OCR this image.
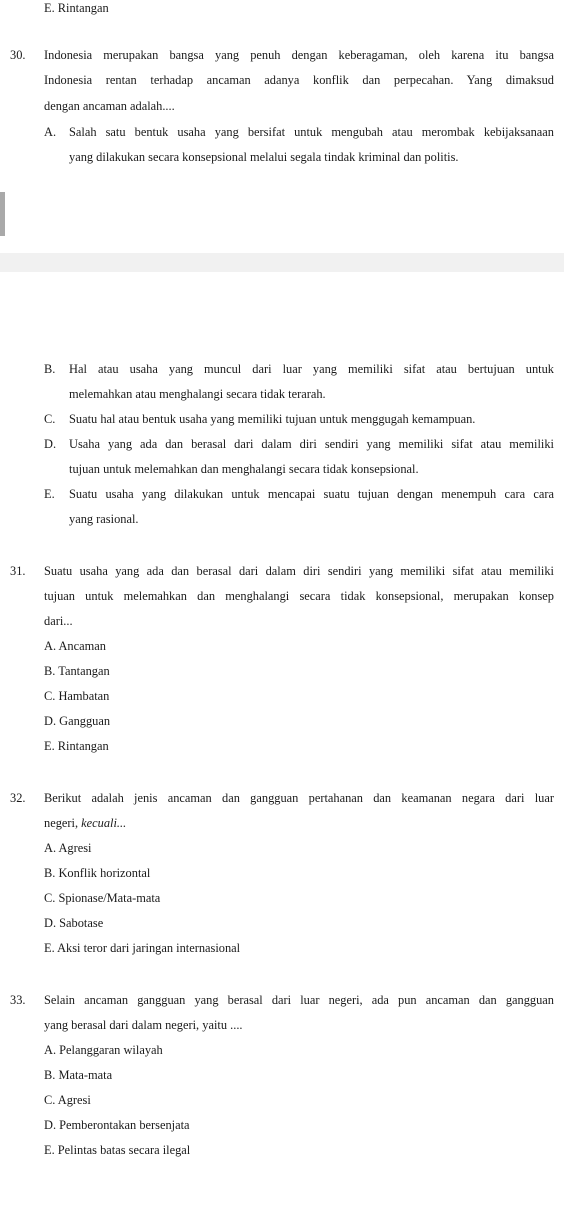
E. Rintangan
30. Indonesia merupakan bangsa yang penuh dengan keberagaman, oleh karena itu bangsa
Indonesia rentan terhadap ancaman adanya konflik dan perpecahan. Yang dimaksud
dengan ancaman adalah....
A. Salah satu bentuk usaha yang bersifat untuk mengubah atau merombak kebijaksanaan
yang dilakukan secara konsepsional melalui segala tindak kriminal dan politis.
B. Hal atau usaha yang muncul dari luar yang memiliki sifat atau bertujuan untuk
melemahkan atau menghalangi secara tidak terarah.
C. Suatu hal atau bentuk usaha yang memiliki tujuan untuk menggugah kemampuan.
D. Usaha yang ada dan berasal dari dalam diri sendiri yang memiliki sifat atau memiliki
tujuan untuk melemahkan dan menghalangi secara tidak konsepsional.
E. Suatu usaha yang dilakukan untuk mencapai suatu tujuan dengan menempuh cara cara
yang rasional.
31. Suatu usaha yang ada dan berasal dari dalam diri sendiri yang memiliki sifat atau memiliki
tujuan untuk melemahkan dan menghalangi secara tidak konsepsional, merupakan konsep
dari...
A. Ancaman
B. Tantangan
C. Hambatan
D. Gangguan
E. Rintangan
32. Berikut adalah jenis ancaman dan gangguan pertahanan dan keamanan negara dari luar
negeri, kecuali...
A. Agresi
B. Konflik horizontal
C. Spionase/Mata-mata
D. Sabotase
E. Aksi teror dari jaringan internasional
33. Selain ancaman gangguan yang berasal dari luar negeri, ada pun ancaman dan gangguan
yang berasal dari dalam negeri, yaitu ....
A. Pelanggaran wilayah
B. Mata-mata
C. Agresi
D. Pemberontakan bersenjata
E. Pelintas batas secara ilegal
